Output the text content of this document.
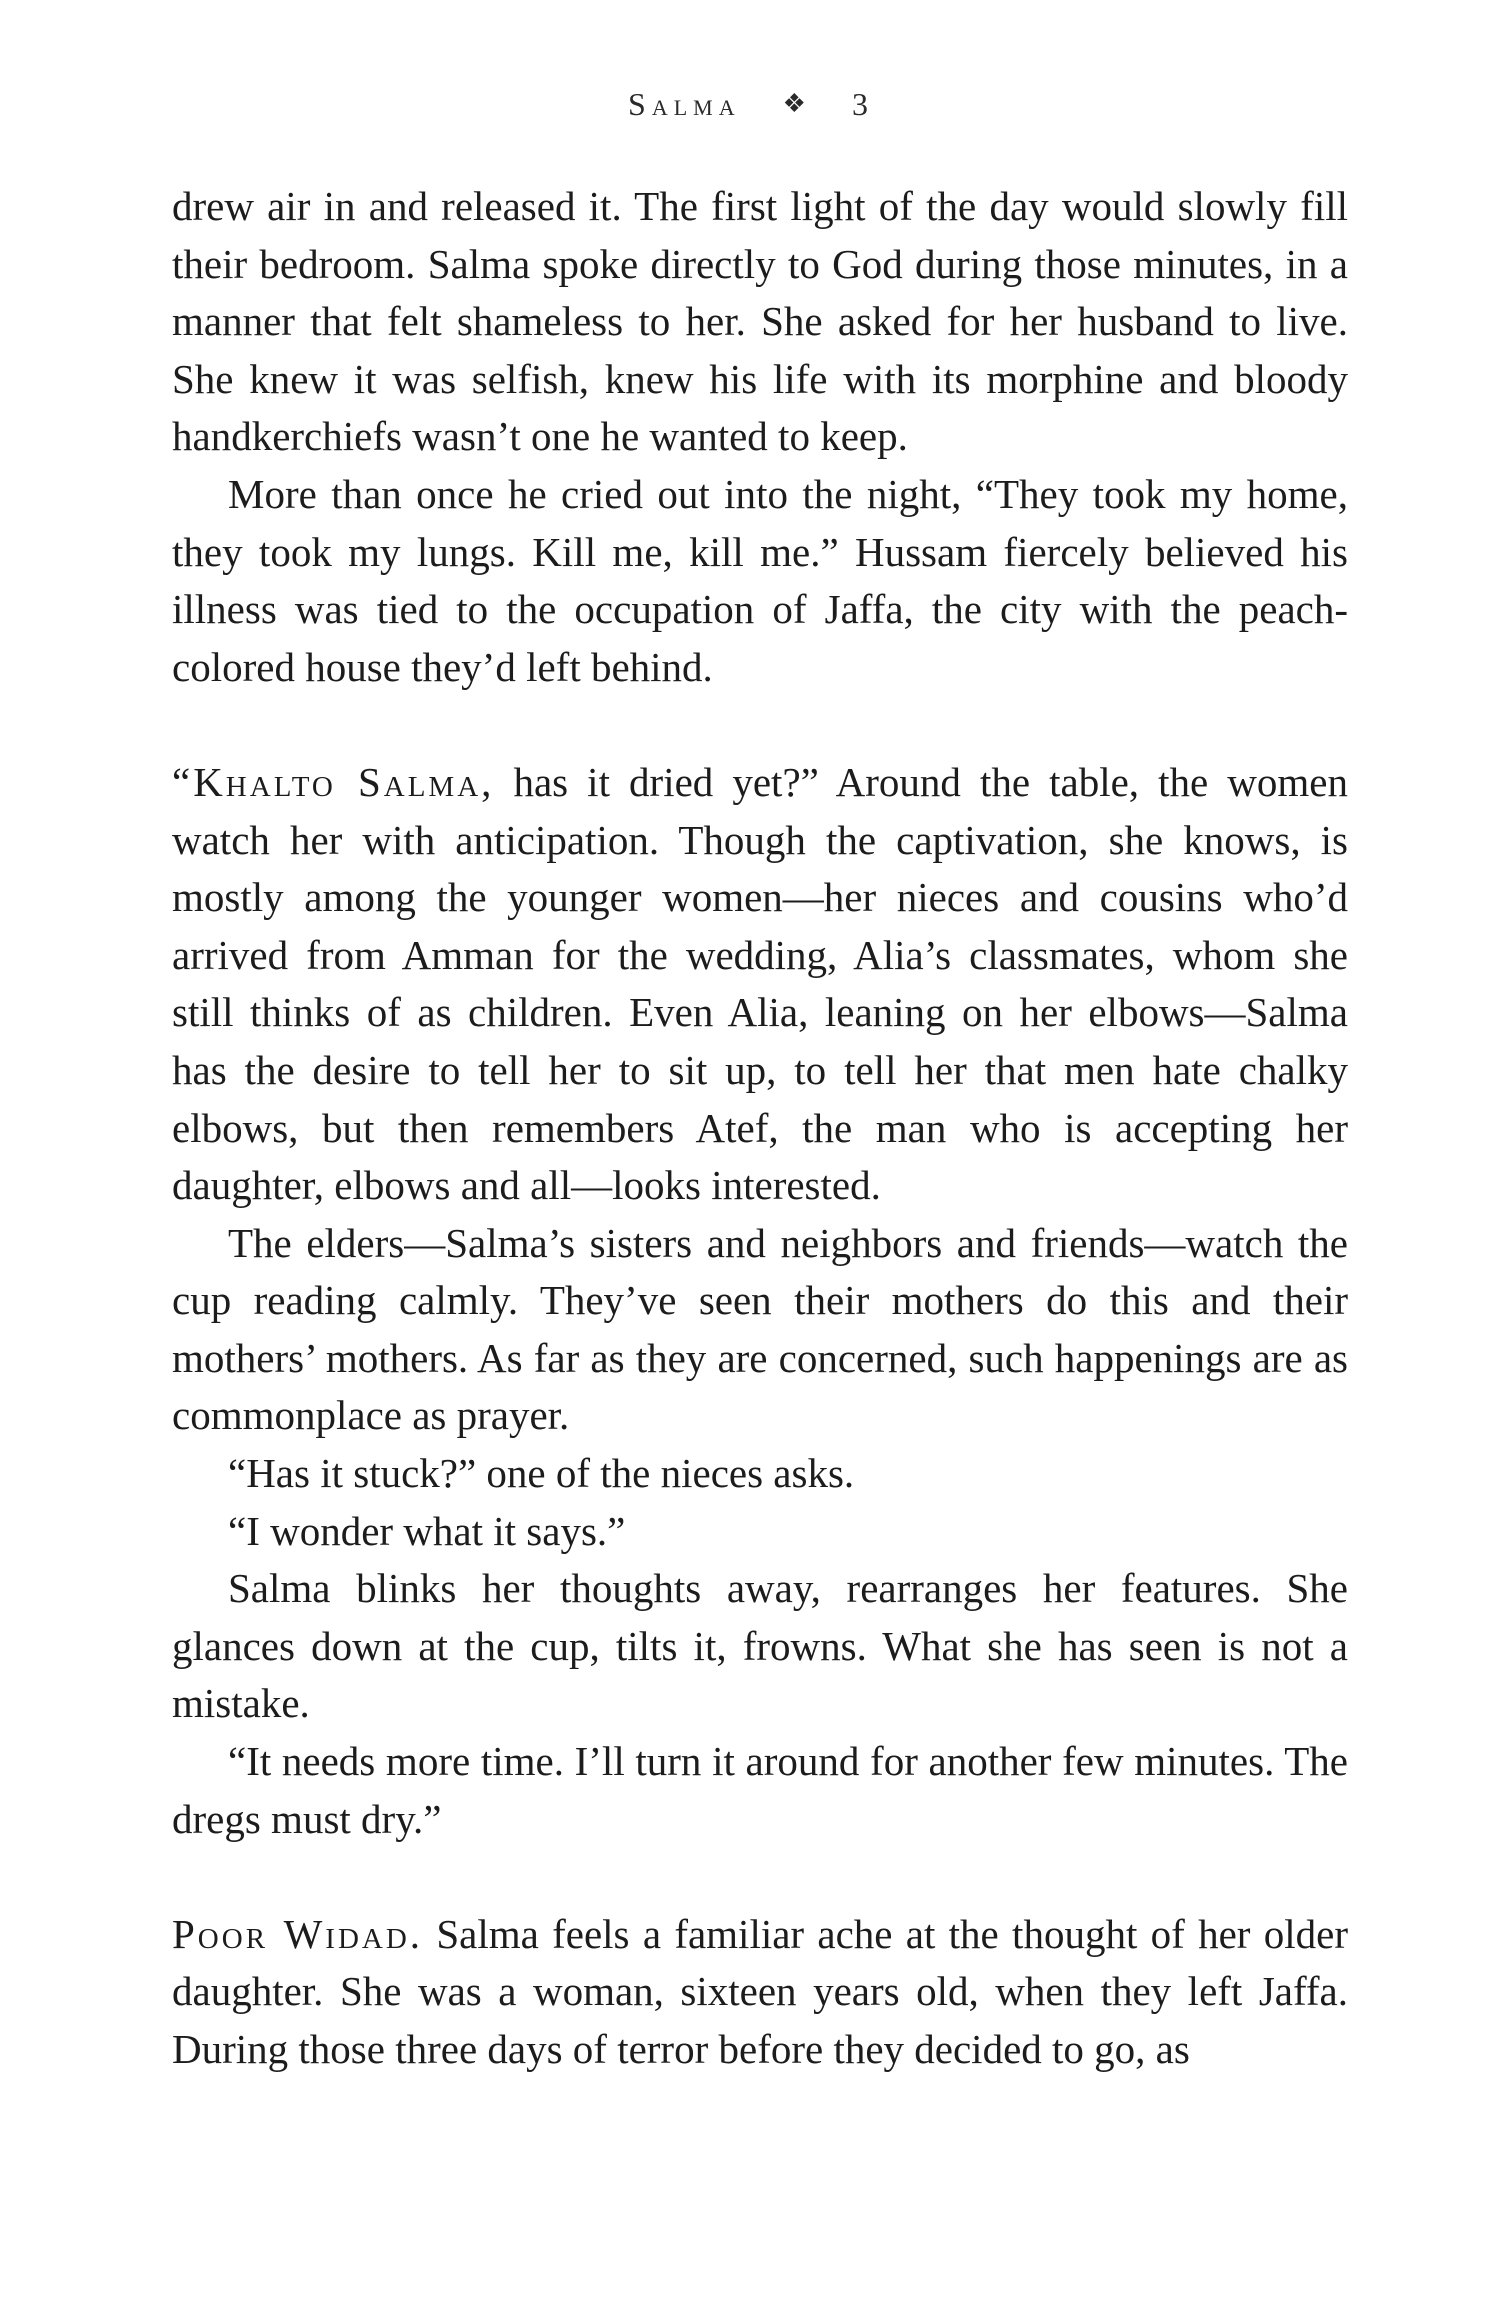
Salma ❖ 3

drew air in and released it. The first light of the day would slowly fill their bedroom. Salma spoke directly to God during those minutes, in a manner that felt shameless to her. She asked for her husband to live. She knew it was selfish, knew his life with its morphine and bloody handkerchiefs wasn’t one he wanted to keep.

More than once he cried out into the night, “They took my home, they took my lungs. Kill me, kill me.” Hussam fiercely believed his illness was tied to the occupation of Jaffa, the city with the peach-colored house they’d left behind.

“Khalto Salma, has it dried yet?” Around the table, the women watch her with anticipation. Though the captivation, she knows, is mostly among the younger women—her nieces and cousins who’d arrived from Amman for the wedding, Alia’s classmates, whom she still thinks of as children. Even Alia, leaning on her elbows—Salma has the desire to tell her to sit up, to tell her that men hate chalky elbows, but then remembers Atef, the man who is accepting her daughter, elbows and all—looks interested.

The elders—Salma’s sisters and neighbors and friends—watch the cup reading calmly. They’ve seen their mothers do this and their mothers’ mothers. As far as they are concerned, such happenings are as commonplace as prayer.

“Has it stuck?” one of the nieces asks.

“I wonder what it says.”

Salma blinks her thoughts away, rearranges her features. She glances down at the cup, tilts it, frowns. What she has seen is not a mistake.

“It needs more time. I’ll turn it around for another few minutes. The dregs must dry.”

Poor Widad. Salma feels a familiar ache at the thought of her older daughter. She was a woman, sixteen years old, when they left Jaffa. During those three days of terror before they decided to go, as
